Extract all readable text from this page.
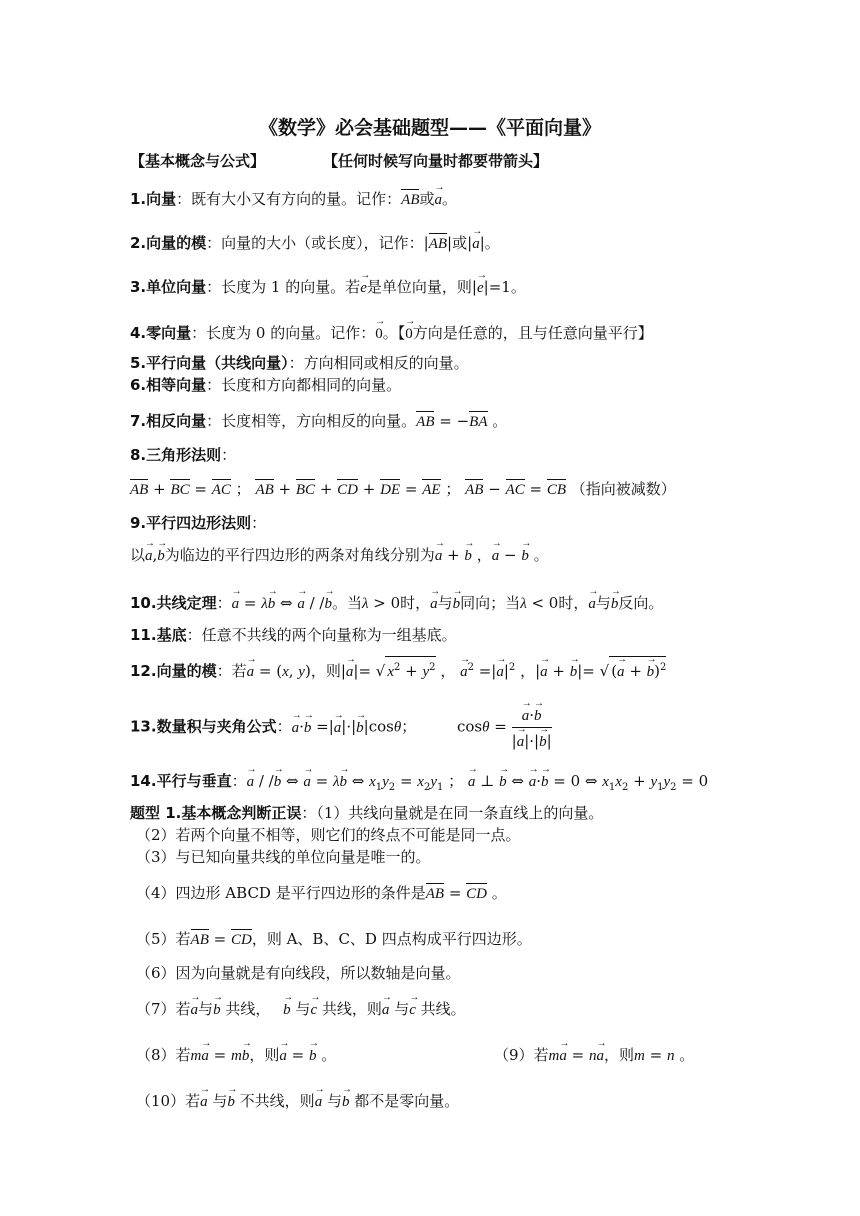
《数学》必会基础题型——《平面向量》
【基本概念与公式】	【任何时候写向量时都要带箭头】
1.向量：既有大小又有方向的量。记作：AB或→ a。
2.向量的模：向量的大小（或长度），记作：|AB|或|→ a|。
3.单位向量：长度为 1 的向量。若→ e是单位向量，则|→ e|=1。
4.零向量：长度为 0 的向量。记作：→ 0。【→ 0方向是任意的，且与任意向量平行】
5.平行向量（共线向量）：方向相同或相反的向量。
6.相等向量：长度和方向都相同的向量。
7.相反向量：长度相等，方向相反的向量。AB = −BA 。
8.三角形法则：
AB + BC = AC ； AB + BC + CD + DE = AE ； AB − AC = CB （指向被减数）
9.平行四边形法则：
以→ a,→ b为临边的平行四边形的两条对角线分别为→ a + → b ，→ a − → b 。
10.共线定理：→ a = λ→ b ⇔ → a / /→ b。当λ > 0时，→ a与→ b同向；当λ < 0时，→ a与→ b反向。
11.基底：任意不共线的两个向量称为一组基底。
12.向量的模：若→ a = (x, y)，则|→ a|= √ $x^2 + y^2$ ， → $a^2$ =|→ $a|^2$ ，|→ a + → b|= √ (→ a + → b)$^2$
13.数量积与夹角公式：→ a·→ b =|→ a|·|→ b|cosθ； cosθ = → $\frac{a\cdot\to b}{|\to a|\cdot|\to b|}$
14.平行与垂直：→ a / /→ b ⇔ → a = λ→ b ⇔ $x_1y_2 = x_2y_1$ ； → a ⊥ → b ⇔ → a·→ b = 0 ⇔ $x_1x_2 + y_1y_2 = 0$
题型 1.基本概念判断正误：（1）共线向量就是在同一条直线上的向量。
（2）若两个向量不相等，则它们的终点不可能是同一点。
（3）与已知向量共线的单位向量是唯一的。
（4）四边形 ABCD 是平行四边形的条件是AB = CD 。
（5）若AB = CD，则 A、B、C、D 四点构成平行四边形。
（6）因为向量就是有向线段，所以数轴是向量。
（7）若→ a与→ b 共线， → b 与→ c 共线，则→ a 与→ c 共线。
（8）若m→ a = m→ b，则→ a = → b 。	（9）若m→ a = n→ a，则m = n 。
（10）若→ a 与→ b 不共线，则→ a 与→ b 都不是零向量。
